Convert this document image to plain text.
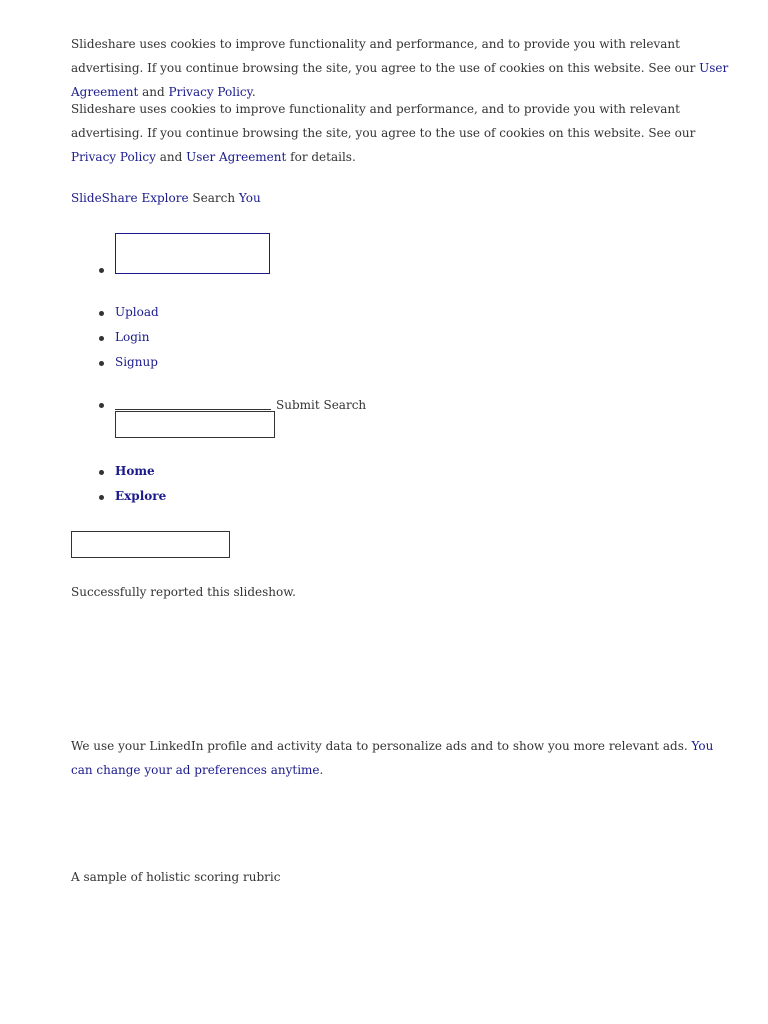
Slideshare uses cookies to improve functionality and performance, and to provide you with relevant advertising. If you continue browsing the site, you agree to the use of cookies on this website. See our User Agreement and Privacy Policy.

Slideshare uses cookies to improve functionality and performance, and to provide you with relevant advertising. If you continue browsing the site, you agree to the use of cookies on this website. See our Privacy Policy and User Agreement for details.

SlideShare Explore Search You
Upload
Login
Signup
Submit Search
Home
Explore

Successfully reported this slideshow.

We use your LinkedIn profile and activity data to personalize ads and to show you more relevant ads. You can change your ad preferences anytime.

A sample of holistic scoring rubric
